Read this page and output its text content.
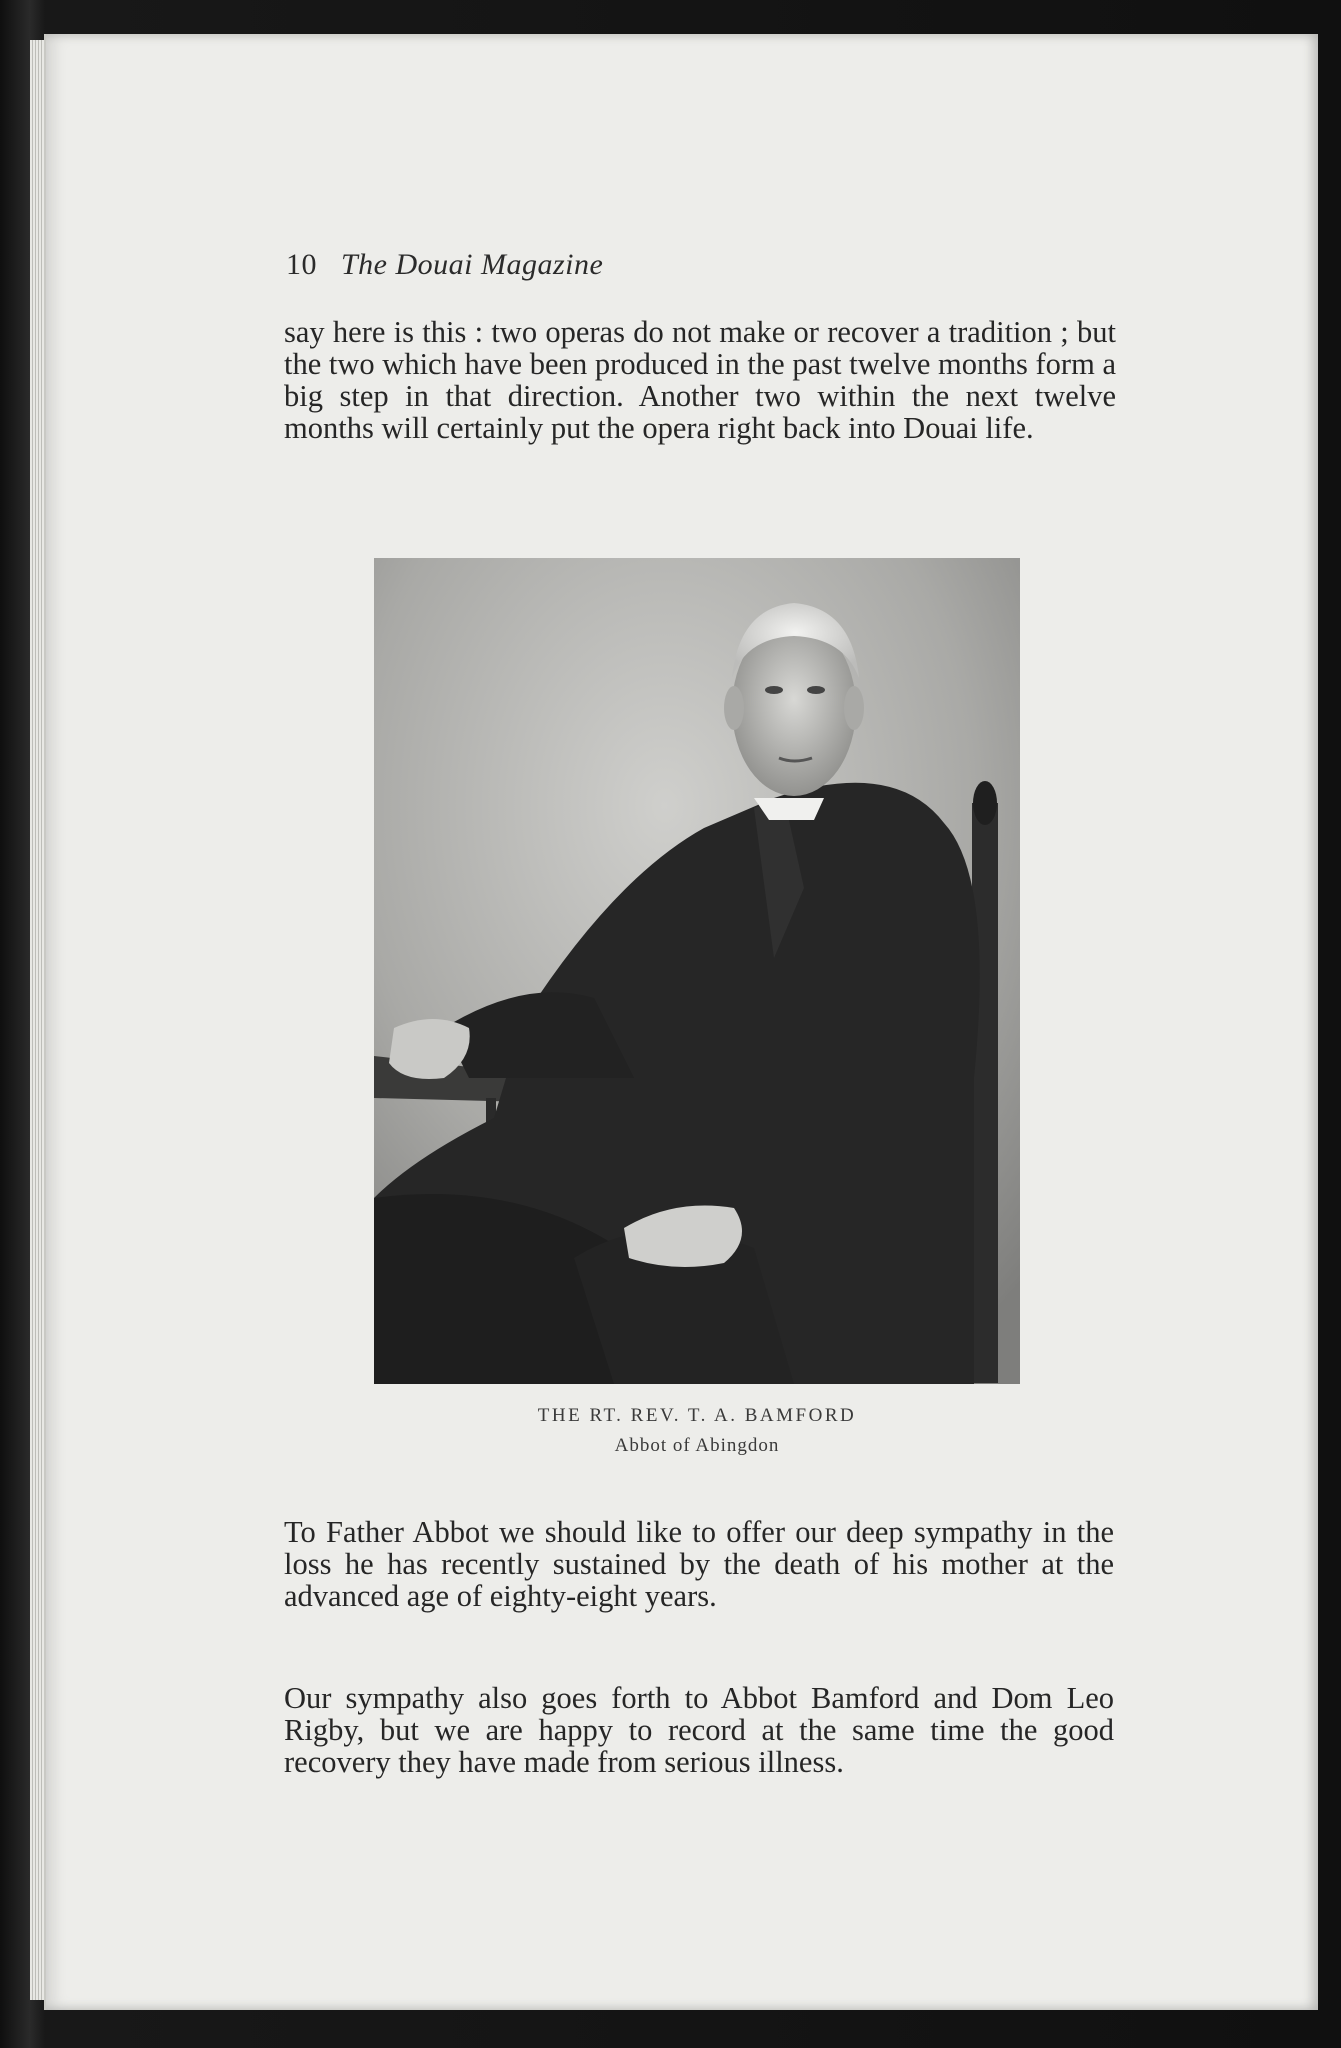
10 The Douai Magazine

say here is this : two operas do not make or recover a tradition ; but the two which have been produced in the past twelve months form a big step in that direction. Another two within the next twelve months will certainly put the opera right back into Douai life.

THE RT. REV. T. A. BAMFORD
Abbot of Abingdon

To Father Abbot we should like to offer our deep sympathy in the loss he has recently sustained by the death of his mother at the advanced age of eighty-eight years.

Our sympathy also goes forth to Abbot Bamford and Dom Leo Rigby, but we are happy to record at the same time the good recovery they have made from serious illness.
